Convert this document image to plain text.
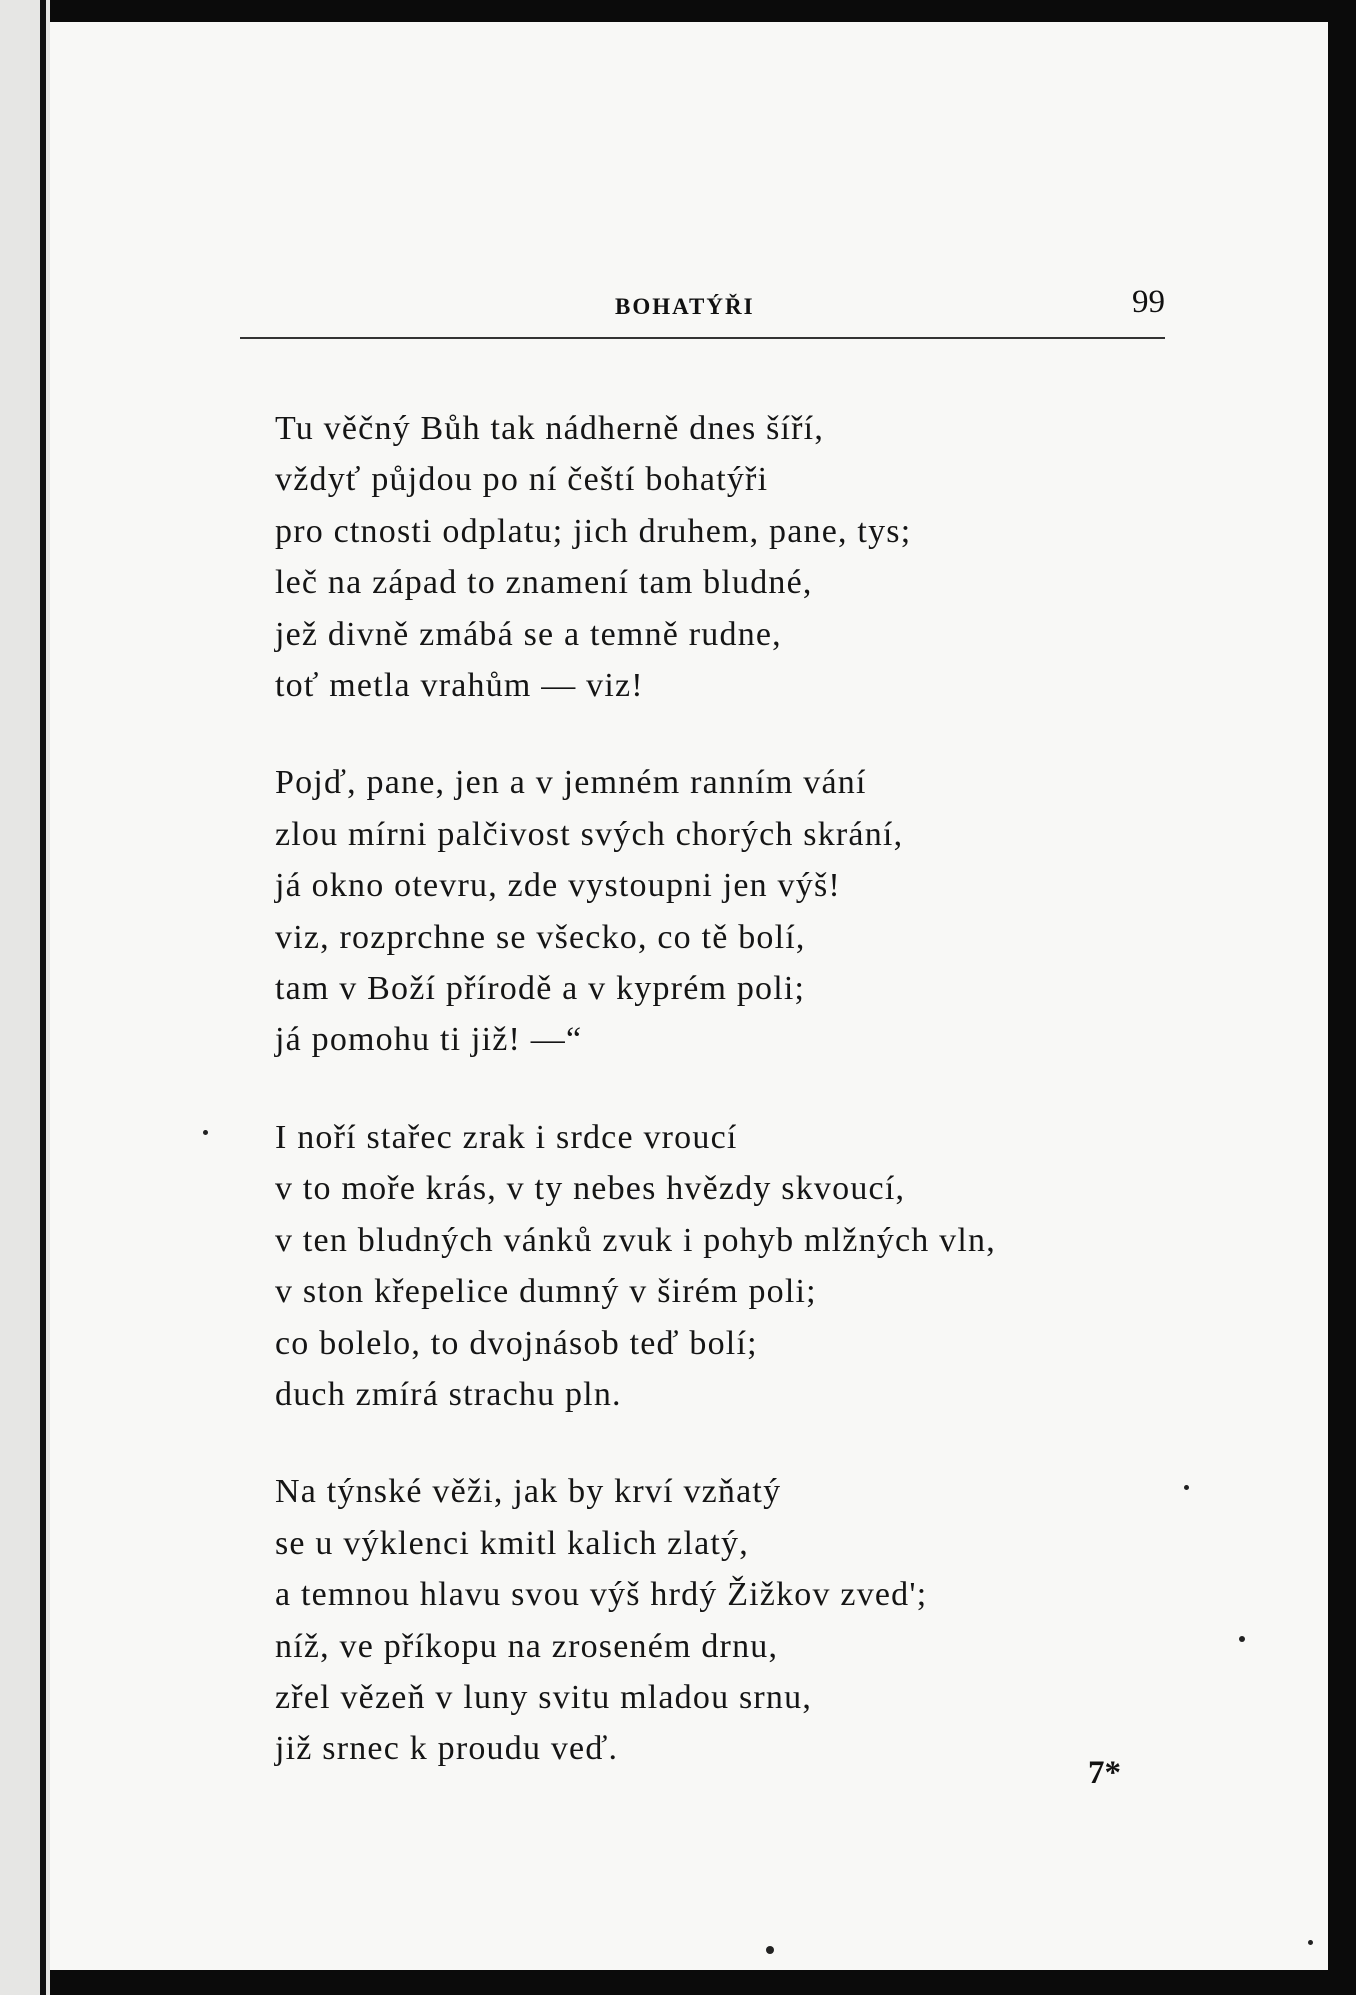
BOHATÝŘI	99
Tu věčný Bůh tak nádherně dnes šíří,
vždyť půjdou po ní čeští bohatýři
pro ctnosti odplatu; jich druhem, pane, tys;
leč na západ to znamení tam bludné,
jež divně zmábá se a temně rudne,
toť metla vrahům — viz!
Pojď, pane, jen a v jemném ranním vání
zlou mírni palčivost svých chorých skrání,
já okno otevru, zde vystoupni jen výš!
viz, rozprchne se všecko, co tě bolí,
tam v Boží přírodě a v kyprém poli;
já pomohu ti již! —“
I noří stařec zrak i srdce vroucí
v to moře krás, v ty nebes hvězdy skvoucí,
v ten bludných vánků zvuk i pohyb mlžných vln,
v ston křepelice dumný v širém poli;
co bolelo, to dvojnásob teď bolí;
duch zmírá strachu pln.
Na týnské věži, jak by krví vzňatý
se u výklenci kmitl kalich zlatý,
a temnou hlavu svou výš hrdý Žižkov zved';
níž, ve příkopu na zroseném drnu,
zřel vězeň v luny svitu mladou srnu,
již srnec k proudu veď.
7*
